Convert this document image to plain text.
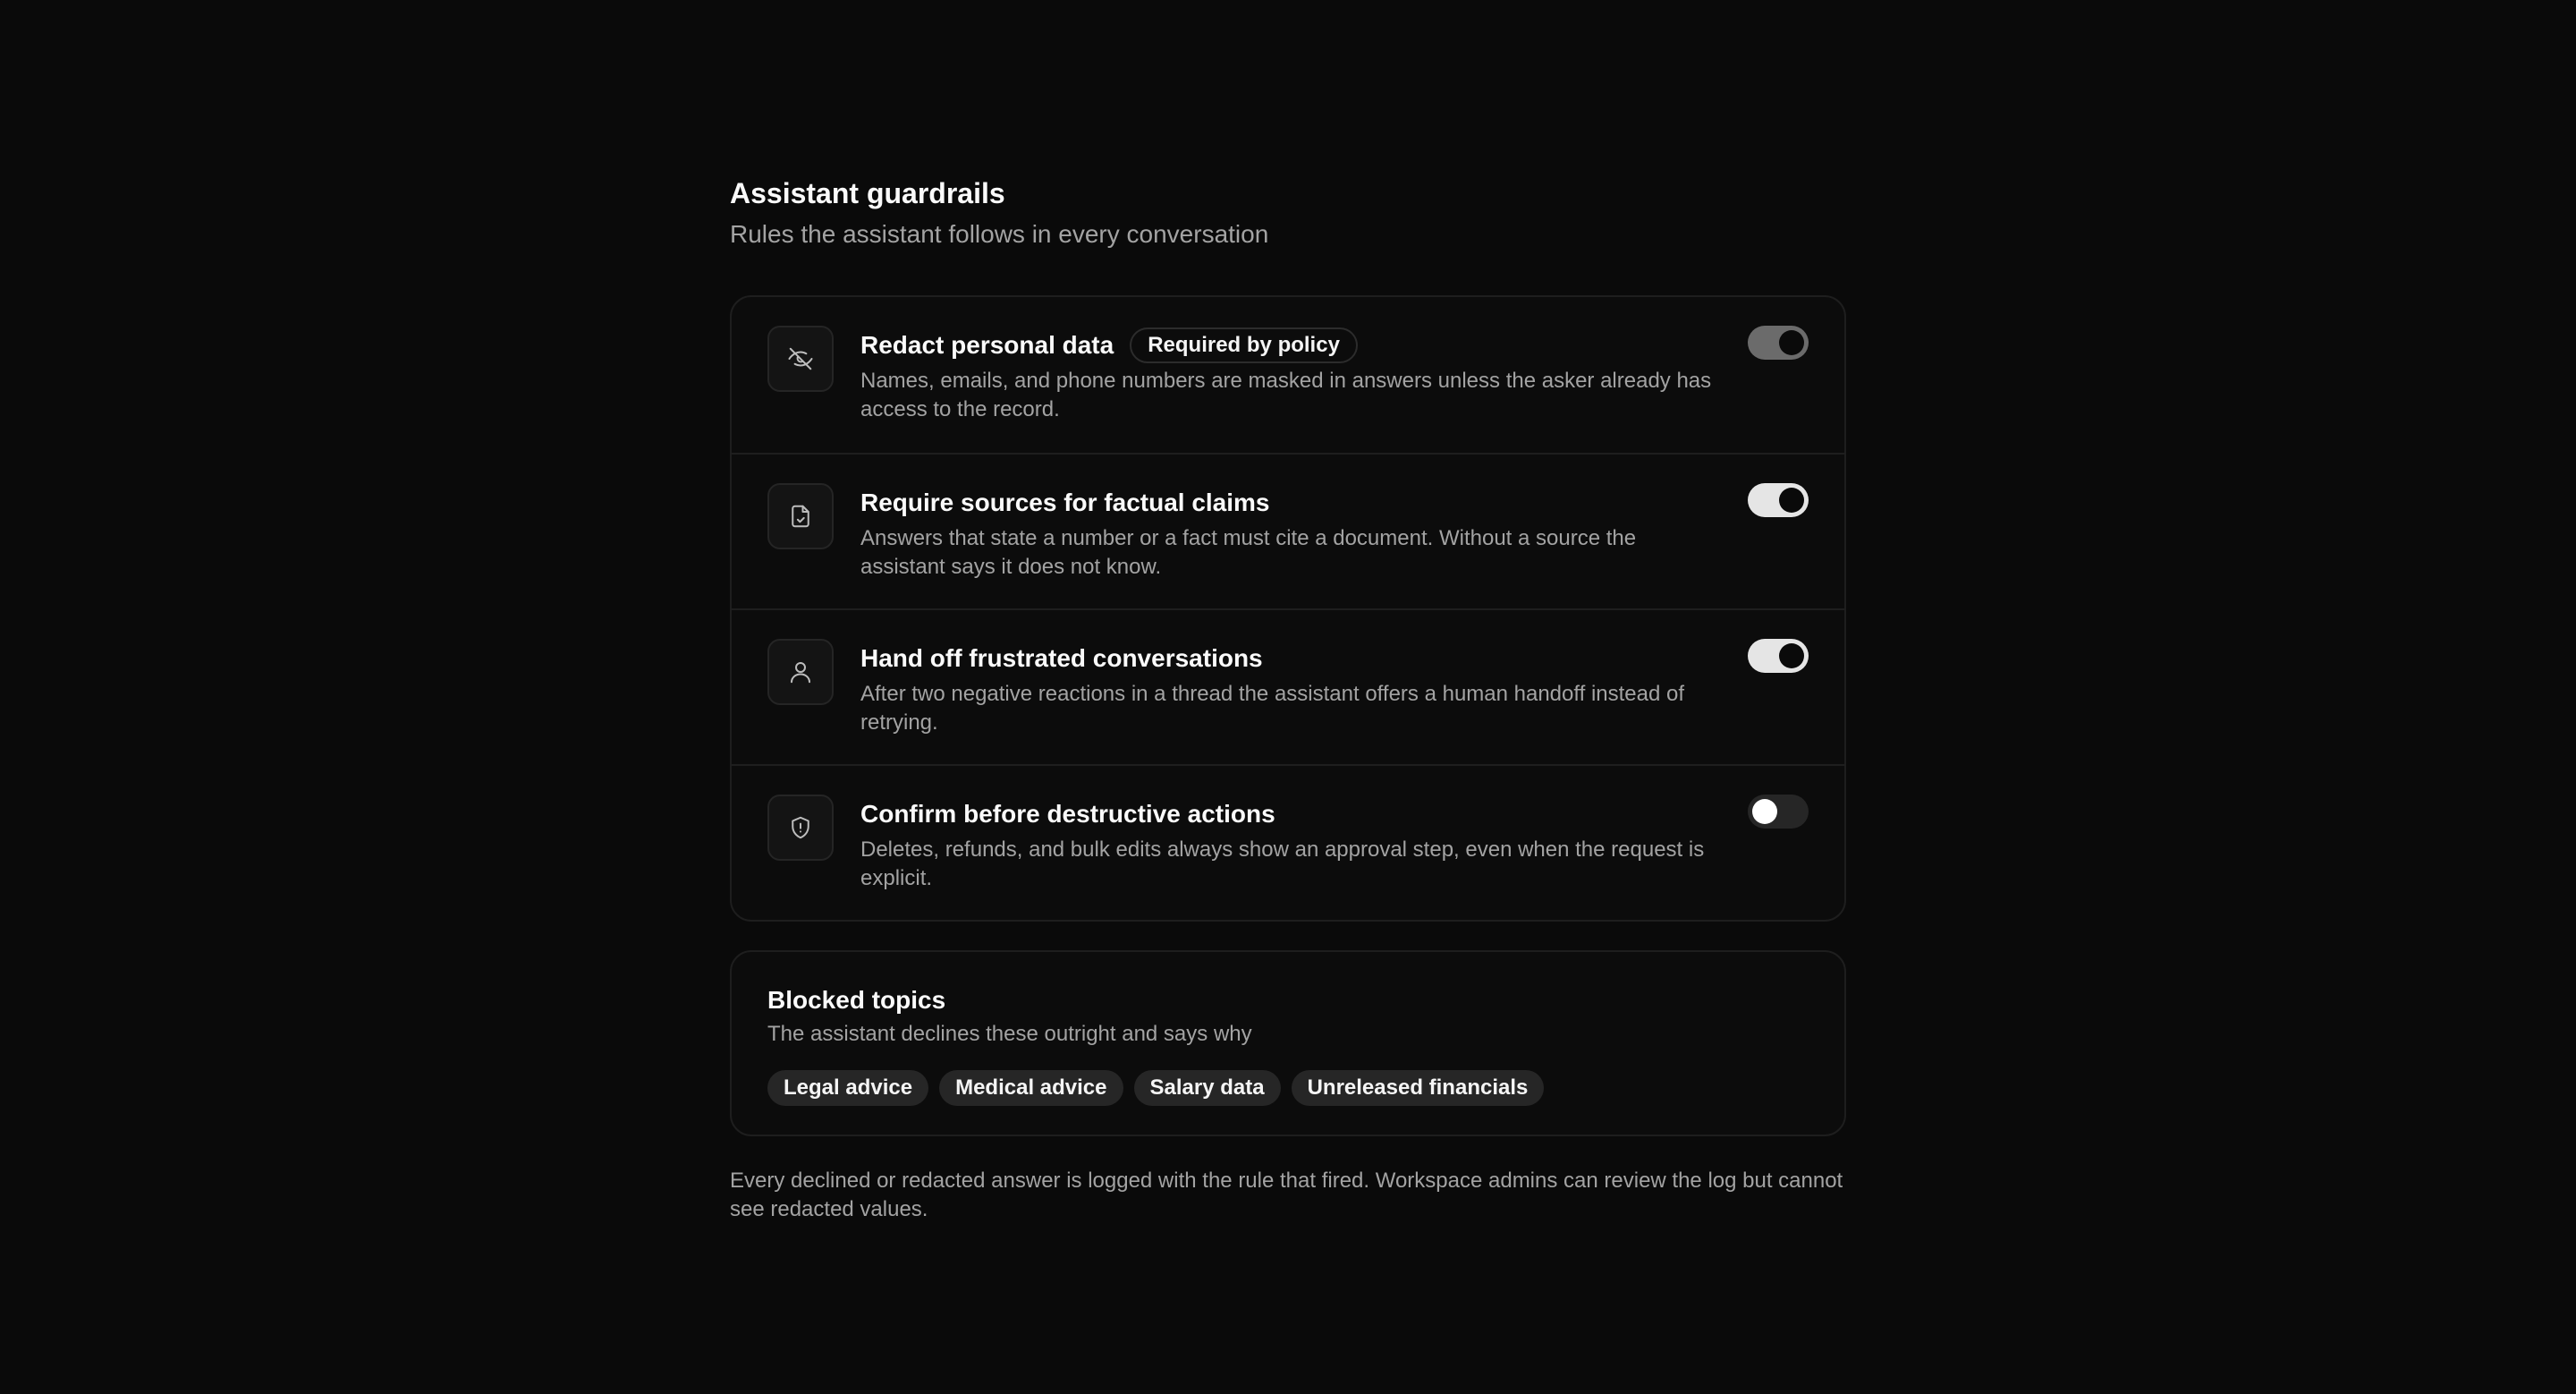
Assistant guardrails

Rules the assistant follows in every conversation

Redact personal data	Required by policy

Names, emails, and phone numbers are masked in answers unless the asker already has access to the record.

Require sources for factual claims

Answers that state a number or a fact must cite a document. Without a source the assistant says it does not know.

Hand off frustrated conversations

After two negative reactions in a thread the assistant offers a human handoff instead of retrying.

Confirm before destructive actions

Deletes, refunds, and bulk edits always show an approval step, even when the request is explicit.

Blocked topics

The assistant declines these outright and says why

Legal advice	Medical advice	Salary data	Unreleased financials

Every declined or redacted answer is logged with the rule that fired. Workspace admins can review the log but cannot see redacted values.
